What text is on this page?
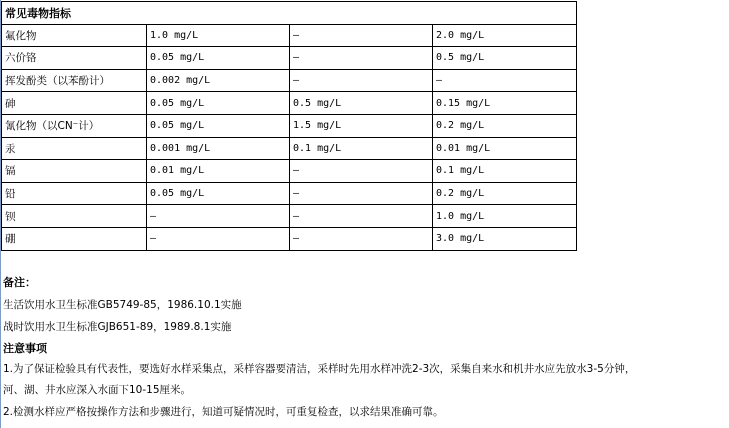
常见毒物指标			
氟化物	1.0 mg/L	–	2.0 mg/L
六价铬	0.05 mg/L	–	0.5 mg/L
挥发酚类（以苯酚计）	0.002 mg/L	–	–
砷	0.05 mg/L	0.5 mg/L	0.15 mg/L
氰化物（以CN⁻计）	0.05 mg/L	1.5 mg/L	0.2 mg/L
汞	0.001 mg/L	0.1 mg/L	0.01 mg/L
镉	0.01 mg/L	–	0.1 mg/L
铅	0.05 mg/L	–	0.2 mg/L
钡	–	–	1.0 mg/L
硼	–	–	3.0 mg/L
备注：
生活饮用水卫生标准GB5749-85，1986.10.1实施
战时饮用水卫生标准GJB651-89，1989.8.1实施
注意事项
1.为了保证检验具有代表性，要选好水样采集点，采样容器要清洁，采样时先用水样冲洗2-3次，采集自来水和机井水应先放水3-5分钟，
河、湖、井水应深入水面下10-15厘米。
2.检测水样应严格按操作方法和步骤进行，知道可疑情况时，可重复检查，以求结果准确可靠。
